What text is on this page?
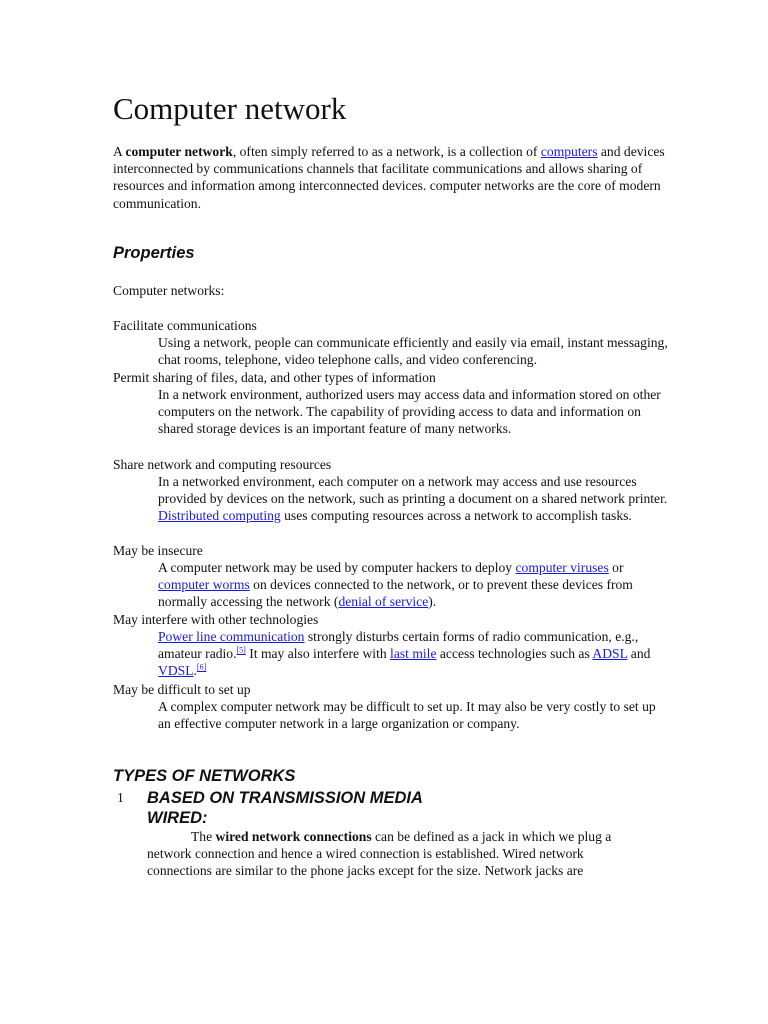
Computer network

A computer network, often simply referred to as a network, is a collection of computers and devices interconnected by communications channels that facilitate communications and allows sharing of resources and information among interconnected devices. computer networks are the core of modern communication.

Properties
Computer networks:
Facilitate communications

Using a network, people can communicate efficiently and easily via email, instant messaging, chat rooms, telephone, video telephone calls, and video conferencing.

Permit sharing of files, data, and other types of information

In a network environment, authorized users may access data and information stored on other computers on the network. The capability of providing access to data and information on shared storage devices is an important feature of many networks.

Share network and computing resources

In a networked environment, each computer on a network may access and use resources provided by devices on the network, such as printing a document on a shared network printer. Distributed computing uses computing resources across a network to accomplish tasks.

May be insecure

A computer network may be used by computer hackers to deploy computer viruses or computer worms on devices connected to the network, or to prevent these devices from normally accessing the network (denial of service).

May interfere with other technologies

Power line communication strongly disturbs certain forms of radio communication, e.g., amateur radio.[5] It may also interfere with last mile access technologies such as ADSL and VDSL.[6]

May be difficult to set up

A complex computer network may be difficult to set up. It may also be very costly to set up an effective computer network in a large organization or company.

TYPES OF NETWORKS
1 BASED ON TRANSMISSION MEDIA
WIRED:

The wired network connections can be defined as a jack in which we plug a network connection and hence a wired connection is established. Wired network connections are similar to the phone jacks except for the size. Network jacks are
